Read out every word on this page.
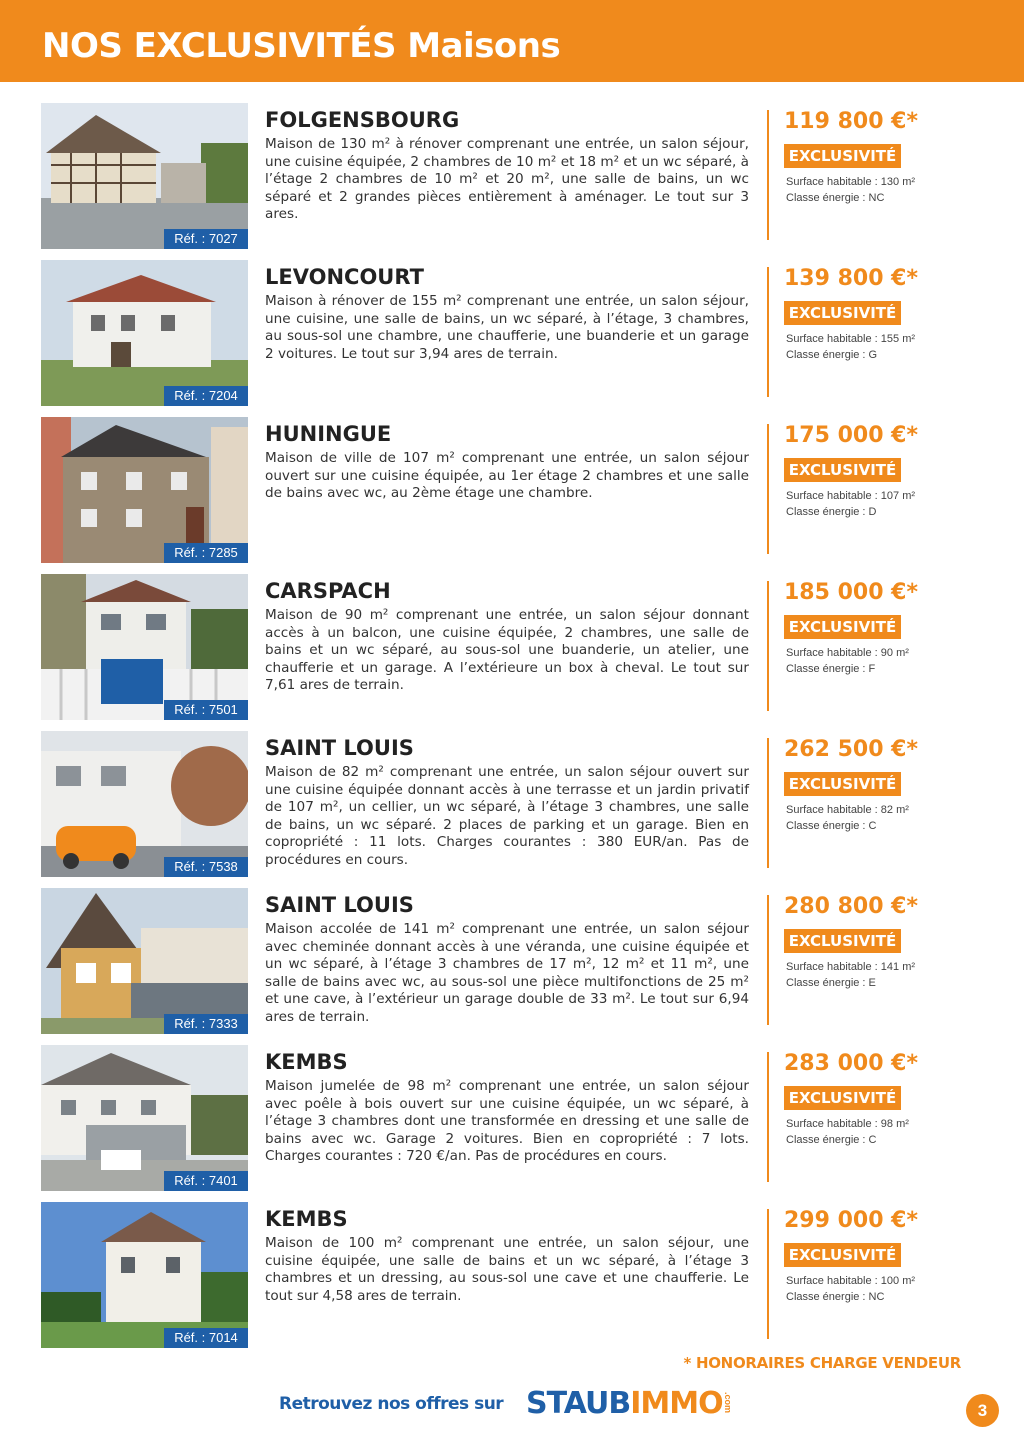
NOS EXCLUSIVITÉS Maisons
Réf. : 7027
FOLGENSBOURG
Maison de 130 m² à rénover comprenant une entrée, un salon séjour, une cuisine équipée, 2 chambres de 10 m² et 18 m² et un wc séparé, à l’étage 2 chambres de 10 m² et 20 m², une salle de bains, un wc séparé et 2 grandes pièces entièrement à aménager. Le tout sur 3 ares.
119 800 €*
EXCLUSIVITÉ
Surface habitable : 130 m²
Classe énergie : NC
Réf. : 7204
LEVONCOURT
Maison à rénover de 155 m² comprenant une entrée, un salon séjour, une cuisine, une salle de bains, un wc séparé, à l’étage, 3 chambres, au sous-sol une chambre, une chaufferie, une buanderie et un garage 2 voitures. Le tout sur 3,94 ares de terrain.
139 800 €*
EXCLUSIVITÉ
Surface habitable : 155 m²
Classe énergie : G
Réf. : 7285
HUNINGUE
Maison de ville de 107 m² comprenant une entrée, un salon séjour ouvert sur une cuisine équipée, au 1er étage 2 chambres et une salle de bains avec wc, au 2ème étage une chambre.
175 000 €*
EXCLUSIVITÉ
Surface habitable : 107 m²
Classe énergie : D
Réf. : 7501
CARSPACH
Maison de 90 m² comprenant une entrée, un salon séjour donnant accès à un balcon, une cuisine équipée, 2 chambres, une salle de bains et un wc séparé, au sous-sol une buanderie, un atelier, une chaufferie et un garage. A l’extérieure un box à cheval. Le tout sur 7,61 ares de terrain.
185 000 €*
EXCLUSIVITÉ
Surface habitable : 90 m²
Classe énergie : F
Réf. : 7538
SAINT LOUIS
Maison de 82 m² comprenant une entrée, un salon séjour ouvert sur une cuisine équipée donnant accès à une terrasse et un jardin privatif de 107 m², un cellier, un wc séparé, à l’étage 3 chambres, une salle de bains, un wc séparé. 2 places de parking et un garage. Bien en copropriété : 11 lots. Charges courantes : 380 EUR/an. Pas de procédures en cours.
262 500 €*
EXCLUSIVITÉ
Surface habitable : 82 m²
Classe énergie : C
Réf. : 7333
SAINT LOUIS
Maison accolée de 141 m² comprenant une entrée, un salon séjour avec cheminée donnant accès à une véranda, une cuisine équipée et un wc séparé, à l’étage 3 chambres de 17 m², 12 m² et 11 m², une salle de bains avec wc, au sous-sol une pièce multifonctions de 25 m² et une cave, à l’extérieur un garage double de 33 m². Le tout sur 6,94 ares de terrain.
280 800 €*
EXCLUSIVITÉ
Surface habitable : 141 m²
Classe énergie : E
Réf. : 7401
KEMBS
Maison jumelée de 98 m² comprenant une entrée, un salon séjour avec poêle à bois ouvert sur une cuisine équipée, un wc séparé, à l’étage 3 chambres dont une transformée en dressing et une salle de bains avec wc. Garage 2 voitures. Bien en copropriété : 7 lots. Charges courantes : 720 €/an. Pas de procédures en cours.
283 000 €*
EXCLUSIVITÉ
Surface habitable : 98 m²
Classe énergie : C
Réf. : 7014
KEMBS
Maison de 100 m² comprenant une entrée, un salon séjour, une cuisine équipée, une salle de bains et un wc séparé, à l’étage 3 chambres et un dressing, au sous-sol une cave et une chaufferie. Le tout sur 4,58 ares de terrain.
299 000 €*
EXCLUSIVITÉ
Surface habitable : 100 m²
Classe énergie : NC
* HONORAIRES CHARGE VENDEUR
Retrouvez nos offres sur STAUBIMMO .com	3
